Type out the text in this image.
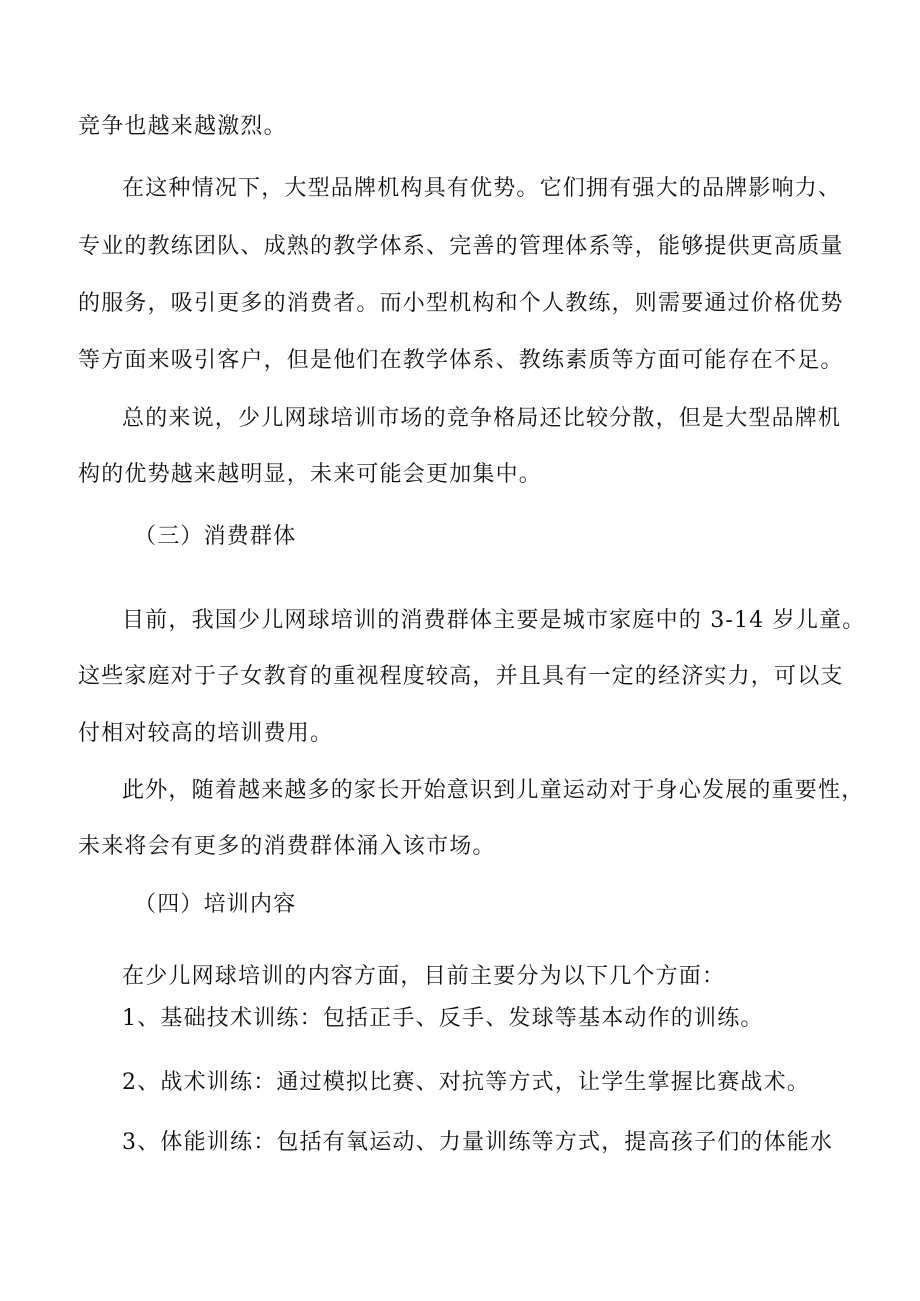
竞争也越来越激烈。
在这种情况下，大型品牌机构具有优势。它们拥有强大的品牌影响力、
专业的教练团队、成熟的教学体系、完善的管理体系等，能够提供更高质量
的服务，吸引更多的消费者。而小型机构和个人教练，则需要通过价格优势
等方面来吸引客户，但是他们在教学体系、教练素质等方面可能存在不足。
总的来说，少儿网球培训市场的竞争格局还比较分散，但是大型品牌机
构的优势越来越明显，未来可能会更加集中。
（三）消费群体
目前，我国少儿网球培训的消费群体主要是城市家庭中的 3-14 岁儿童。
这些家庭对于子女教育的重视程度较高，并且具有一定的经济实力，可以支
付相对较高的培训费用。
此外，随着越来越多的家长开始意识到儿童运动对于身心发展的重要性，
未来将会有更多的消费群体涌入该市场。
（四）培训内容
在少儿网球培训的内容方面，目前主要分为以下几个方面：
1、基础技术训练：包括正手、反手、发球等基本动作的训练。
2、战术训练：通过模拟比赛、对抗等方式，让学生掌握比赛战术。
3、体能训练：包括有氧运动、力量训练等方式，提高孩子们的体能水
